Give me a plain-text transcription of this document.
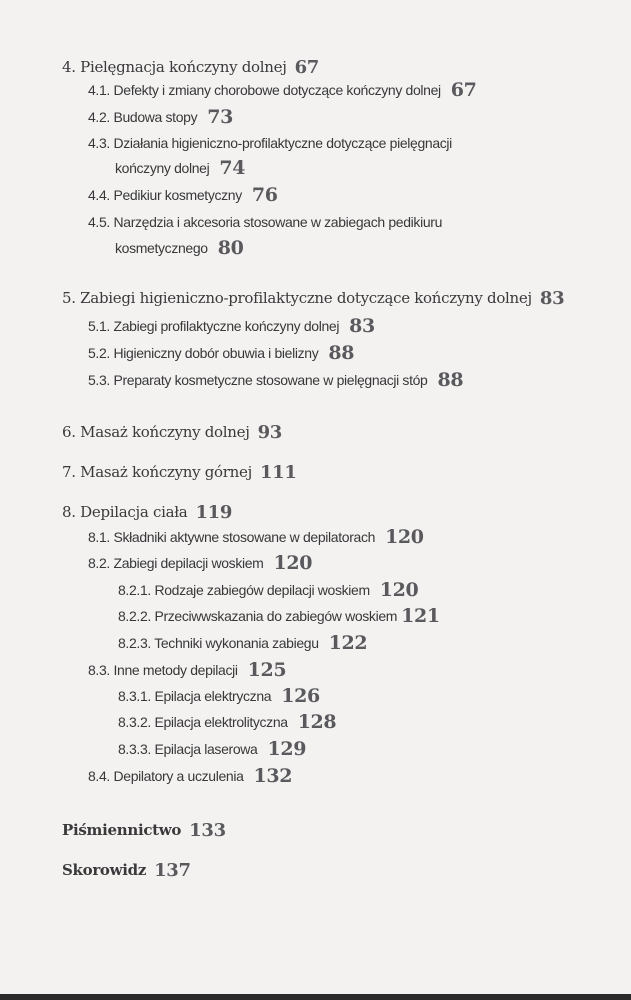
4. Pielęgnacja kończyny dolnej 67
4.1. Defekty i zmiany chorobowe dotyczące kończyny dolnej 67
4.2. Budowa stopy 73
4.3. Działania higieniczno-profilaktyczne dotyczące pielęgnacji
kończyny dolnej 74
4.4. Pedikiur kosmetyczny 76
4.5. Narzędzia i akcesoria stosowane w zabiegach pedikiuru
kosmetycznego 80
5. Zabiegi higieniczno-profilaktyczne dotyczące kończyny dolnej 83
5.1. Zabiegi profilaktyczne kończyny dolnej 83
5.2. Higieniczny dobór obuwia i bielizny 88
5.3. Preparaty kosmetyczne stosowane w pielęgnacji stóp 88
6. Masaż kończyny dolnej 93
7. Masaż kończyny górnej 111
8. Depilacja ciała 119
8.1. Składniki aktywne stosowane w depilatorach 120
8.2. Zabiegi depilacji woskiem 120
8.2.1. Rodzaje zabiegów depilacji woskiem 120
8.2.2. Przeciwwskazania do zabiegów woskiem 121
8.2.3. Techniki wykonania zabiegu 122
8.3. Inne metody depilacji 125
8.3.1. Epilacja elektryczna 126
8.3.2. Epilacja elektrolityczna 128
8.3.3. Epilacja laserowa 129
8.4. Depilatory a uczulenia 132
Piśmiennictwo 133
Skorowidz 137
